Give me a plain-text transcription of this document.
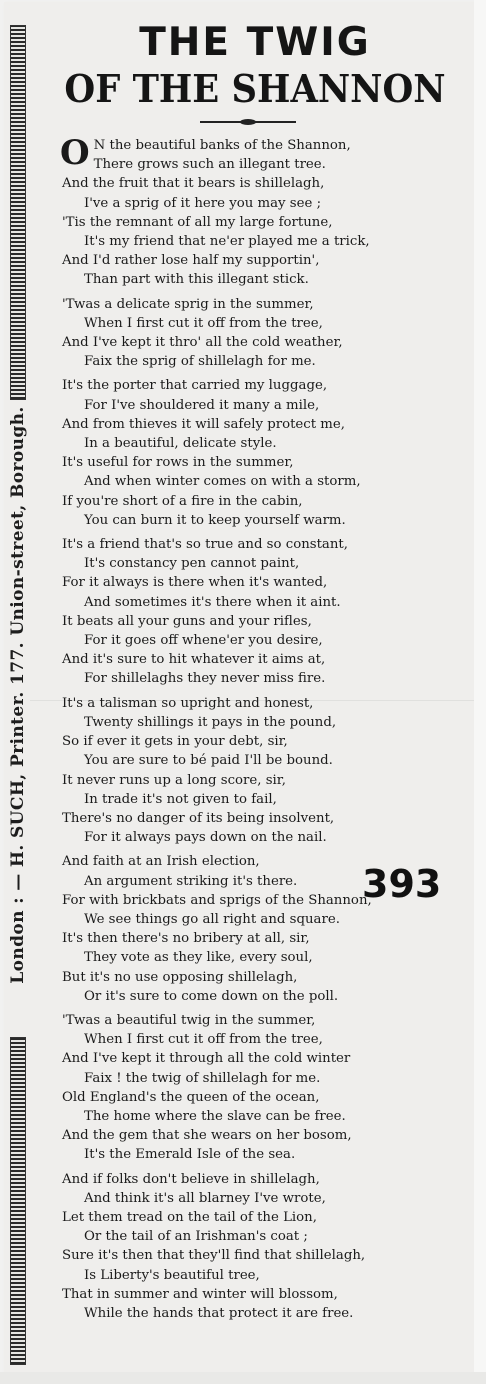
London : — H. SUCH, Printer. 177. Union-street, Borough.
THE TWIG
OF THE SHANNON
O N the beautiful banks of the Shannon,
There grows such an illegant tree.
And the fruit that it bears is shillelagh,
I've a sprig of it here you may see ;
'Tis the remnant of all my large fortune,
It's my friend that ne'er played me a trick,
And I'd rather lose half my supportin',
Than part with this illegant stick.
'Twas a delicate sprig in the summer,
When I first cut it off from the tree,
And I've kept it thro' all the cold weather,
Faix the sprig of shillelagh for me.
It's the porter that carried my luggage,
For I've shouldered it many a mile,
And from thieves it will safely protect me,
In a beautiful, delicate style.
It's useful for rows in the summer,
And when winter comes on with a storm,
If you're short of a fire in the cabin,
You can burn it to keep yourself warm.
It's a friend that's so true and so constant,
It's constancy pen cannot paint,
For it always is there when it's wanted,
And sometimes it's there when it aint.
It beats all your guns and your rifles,
For it goes off whene'er you desire,
And it's sure to hit whatever it aims at,
For shillelaghs they never miss fire.
It's a talisman so upright and honest,
Twenty shillings it pays in the pound,
So if ever it gets in your debt, sir,
You are sure to bé paid I'll be bound.
It never runs up a long score, sir,
In trade it's not given to fail,
There's no danger of its being insolvent,
For it always pays down on the nail.
And faith at an Irish election,
An argument striking it's there.
For with brickbats and sprigs of the Shannon,
We see things go all right and square.
It's then there's no bribery at all, sir,
They vote as they like, every soul,
But it's no use opposing shillelagh,
Or it's sure to come down on the poll.
'Twas a beautiful twig in the summer,
When I first cut it off from the tree,
And I've kept it through all the cold winter
Faix ! the twig of shillelagh for me.
Old England's the queen of the ocean,
The home where the slave can be free.
And the gem that she wears on her bosom,
It's the Emerald Isle of the sea.
And if folks don't believe in shillelagh,
And think it's all blarney I've wrote,
Let them tread on the tail of the Lion,
Or the tail of an Irishman's coat ;
Sure it's then that they'll find that shillelagh,
Is Liberty's beautiful tree,
That in summer and winter will blossom,
While the hands that protect it are free.
393
